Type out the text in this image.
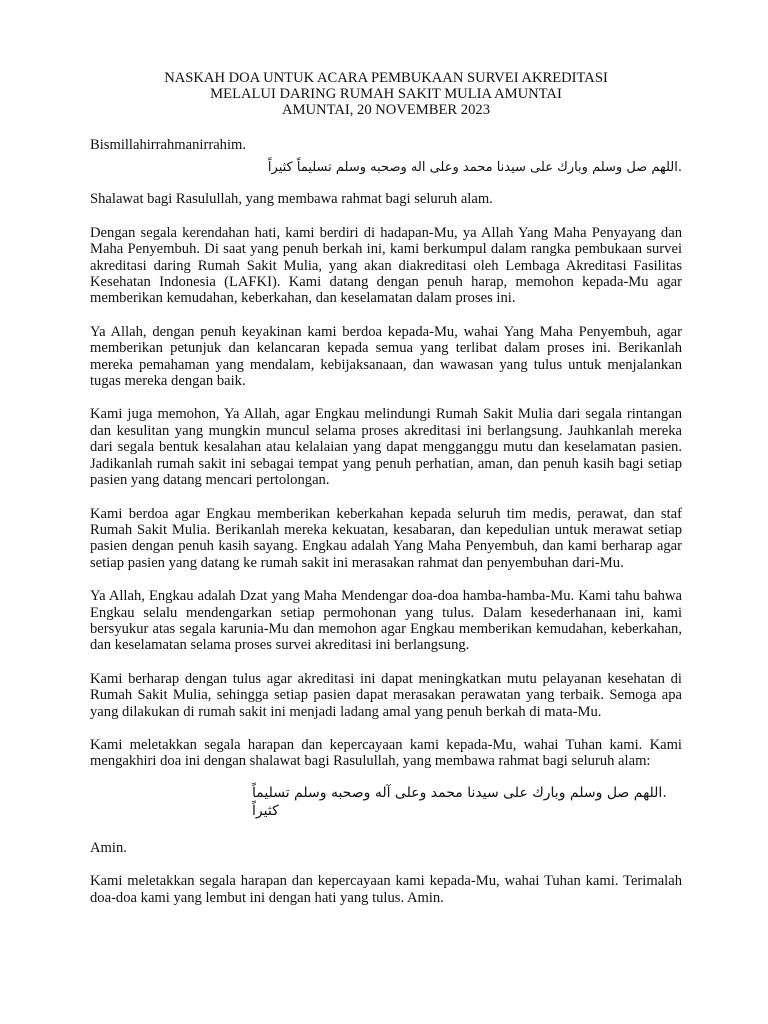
NASKAH DOA UNTUK ACARA PEMBUKAAN SURVEI AKREDITASI
MELALUI DARING RUMAH SAKIT MULIA AMUNTAI
AMUNTAI, 20 NOVEMBER 2023

Bismillahirrahmanirrahim.

.اللهم صل وسلم وبارك على سيدنا محمد وعلى اله وصحبه وسلم تسليماً كثيراً

Shalawat bagi Rasulullah, yang membawa rahmat bagi seluruh alam.

Dengan segala kerendahan hati, kami berdiri di hadapan-Mu, ya Allah Yang Maha Penyayang dan Maha Penyembuh. Di saat yang penuh berkah ini, kami berkumpul dalam rangka pembukaan survei akreditasi daring Rumah Sakit Mulia, yang akan diakreditasi oleh Lembaga Akreditasi Fasilitas Kesehatan Indonesia (LAFKI). Kami datang dengan penuh harap, memohon kepada-Mu agar memberikan kemudahan, keberkahan, dan keselamatan dalam proses ini.

Ya Allah, dengan penuh keyakinan kami berdoa kepada-Mu, wahai Yang Maha Penyembuh, agar memberikan petunjuk dan kelancaran kepada semua yang terlibat dalam proses ini. Berikanlah mereka pemahaman yang mendalam, kebijaksanaan, dan wawasan yang tulus untuk menjalankan tugas mereka dengan baik.

Kami juga memohon, Ya Allah, agar Engkau melindungi Rumah Sakit Mulia dari segala rintangan dan kesulitan yang mungkin muncul selama proses akreditasi ini berlangsung. Jauhkanlah mereka dari segala bentuk kesalahan atau kelalaian yang dapat mengganggu mutu dan keselamatan pasien. Jadikanlah rumah sakit ini sebagai tempat yang penuh perhatian, aman, dan penuh kasih bagi setiap pasien yang datang mencari pertolongan.

Kami berdoa agar Engkau memberikan keberkahan kepada seluruh tim medis, perawat, dan staf Rumah Sakit Mulia. Berikanlah mereka kekuatan, kesabaran, dan kepedulian untuk merawat setiap pasien dengan penuh kasih sayang. Engkau adalah Yang Maha Penyembuh, dan kami berharap agar setiap pasien yang datang ke rumah sakit ini merasakan rahmat dan penyembuhan dari-Mu.

Ya Allah, Engkau adalah Dzat yang Maha Mendengar doa-doa hamba-hamba-Mu. Kami tahu bahwa Engkau selalu mendengarkan setiap permohonan yang tulus. Dalam kesederhanaan ini, kami bersyukur atas segala karunia-Mu dan memohon agar Engkau memberikan kemudahan, keberkahan, dan keselamatan selama proses survei akreditasi ini berlangsung.

Kami berharap dengan tulus agar akreditasi ini dapat meningkatkan mutu pelayanan kesehatan di Rumah Sakit Mulia, sehingga setiap pasien dapat merasakan perawatan yang terbaik. Semoga apa yang dilakukan di rumah sakit ini menjadi ladang amal yang penuh berkah di mata-Mu.

Kami meletakkan segala harapan dan kepercayaan kami kepada-Mu, wahai Tuhan kami. Kami mengakhiri doa ini dengan shalawat bagi Rasulullah, yang membawa rahmat bagi seluruh alam:

.اللهم صل وسلم وبارك على سيدنا محمد وعلى آله وصحبه وسلم تسليماً كثيراً

Amin.

Kami meletakkan segala harapan dan kepercayaan kami kepada-Mu, wahai Tuhan kami. Terimalah doa-doa kami yang lembut ini dengan hati yang tulus. Amin.
